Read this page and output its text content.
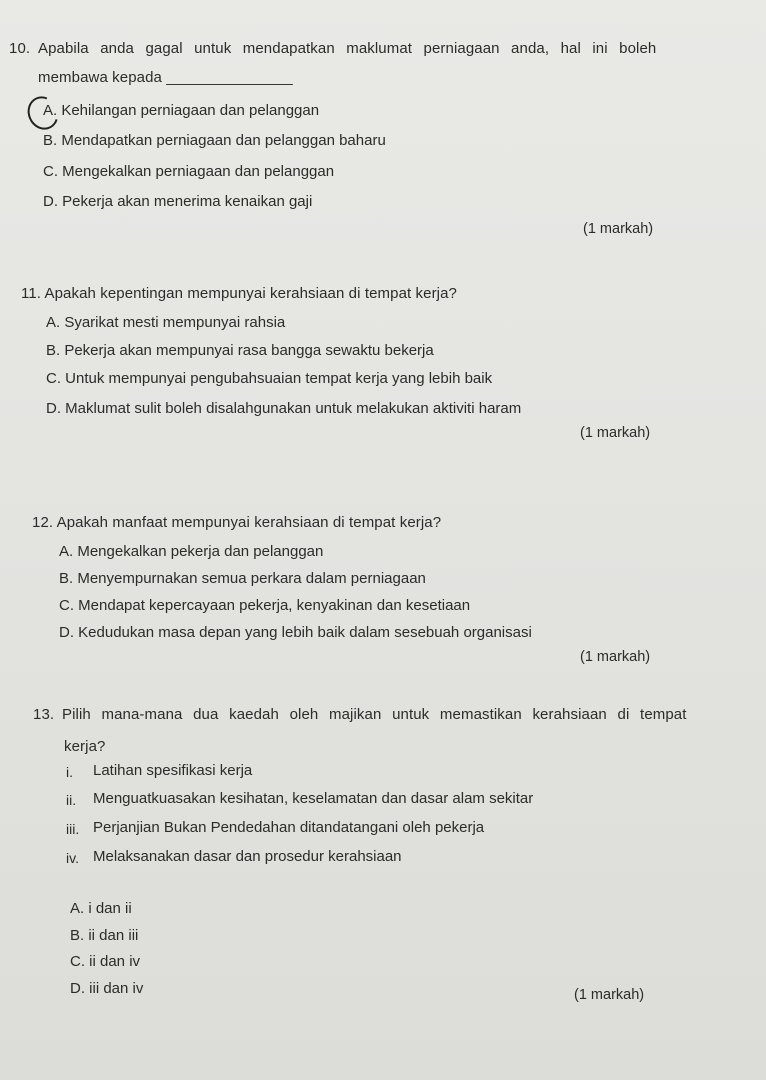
10. Apabila anda gagal untuk mendapatkan maklumat perniagaan anda, hal ini boleh
membawa kepada _______________
A. Kehilangan perniagaan dan pelanggan
B. Mendapatkan perniagaan dan pelanggan baharu
C. Mengekalkan perniagaan dan pelanggan
D. Pekerja akan menerima kenaikan gaji
(1 markah)
11. Apakah kepentingan mempunyai kerahsiaan di tempat kerja?
A. Syarikat mesti mempunyai rahsia
B. Pekerja akan mempunyai rasa bangga sewaktu bekerja
C. Untuk mempunyai pengubahsuaian tempat kerja yang lebih baik
D. Maklumat sulit boleh disalahgunakan untuk melakukan aktiviti haram
(1 markah)
12. Apakah manfaat mempunyai kerahsiaan di tempat kerja?
A. Mengekalkan pekerja dan pelanggan
B. Menyempurnakan semua perkara dalam perniagaan
C. Mendapat kepercayaan pekerja, kenyakinan dan kesetiaan
D. Kedudukan masa depan yang lebih baik dalam sesebuah organisasi
(1 markah)
13. Pilih mana-mana dua kaedah oleh majikan untuk memastikan kerahsiaan di tempat
kerja?
i. Latihan spesifikasi kerja
ii. Menguatkuasakan kesihatan, keselamatan dan dasar alam sekitar
iii. Perjanjian Bukan Pendedahan ditandatangani oleh pekerja
iv. Melaksanakan dasar dan prosedur kerahsiaan
A. i dan ii
B. ii dan iii
C. ii dan iv
D. iii dan iv	(1 markah)
